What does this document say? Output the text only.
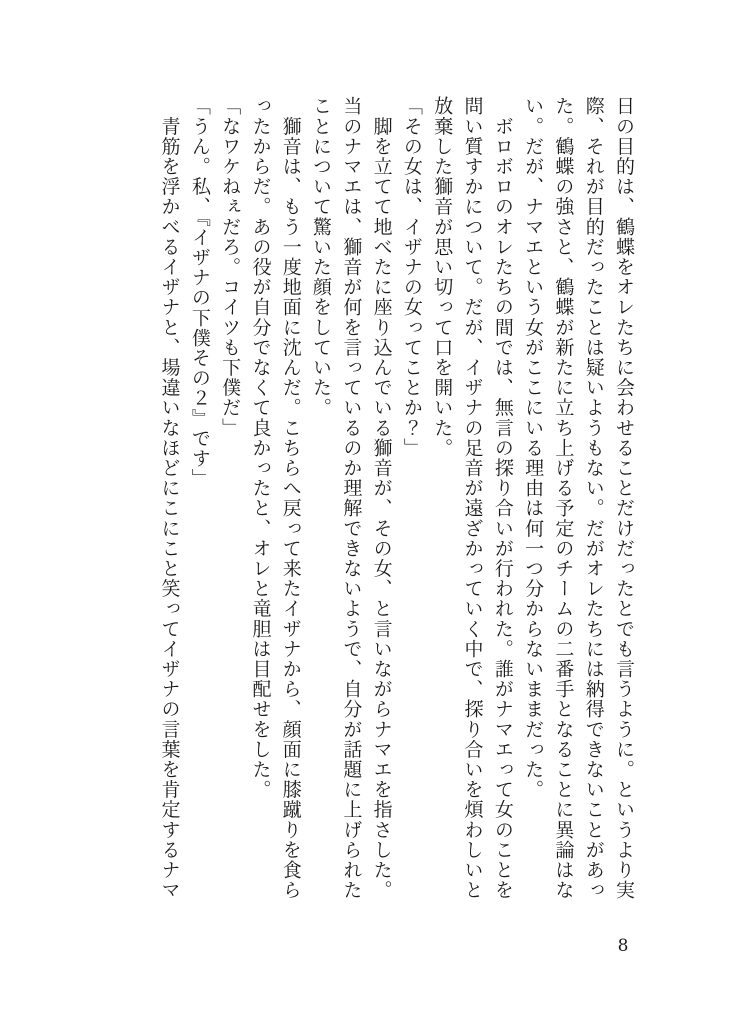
日の目的は、鶴蝶をオレたちに会わせることだけだったとでも言うように。というより実
際、それが目的だったことは疑いようもない。だがオレたちには納得できないことがあっ
た。鶴蝶の強さと、鶴蝶が新たに立ち上げる予定のチームの二番手となることに異論はな
い。だが、ナマエという女がここにいる理由は何一つ分からないままだった。
　ボロボロのオレたちの間では、無言の探り合いが行われた。誰がナマエって女のことを
問い質すかについて。だが、イザナの足音が遠ざかっていく中で、探り合いを煩わしいと
放棄した獅音が思い切って口を開いた。
「その女は、イザナの女ってことか？」
　脚を立てて地べたに座り込んでいる獅音が、その女、と言いながらナマエを指さした。
当のナマエは、獅音が何を言っているのか理解できないようで、自分が話題に上げられた
ことについて驚いた顔をしていた。
　獅音は、もう一度地面に沈んだ。こちらへ戻って来たイザナから、顔面に膝蹴りを食ら
ったからだ。あの役が自分でなくて良かったと、オレと竜胆は目配せをした。
「なワケねぇだろ。コイツも下僕だ」
「うん。私、『イザナの下僕その２』です」
　青筋を浮かべるイザナと、場違いなほどにこにこと笑ってイザナの言葉を肯定するナマ
8
